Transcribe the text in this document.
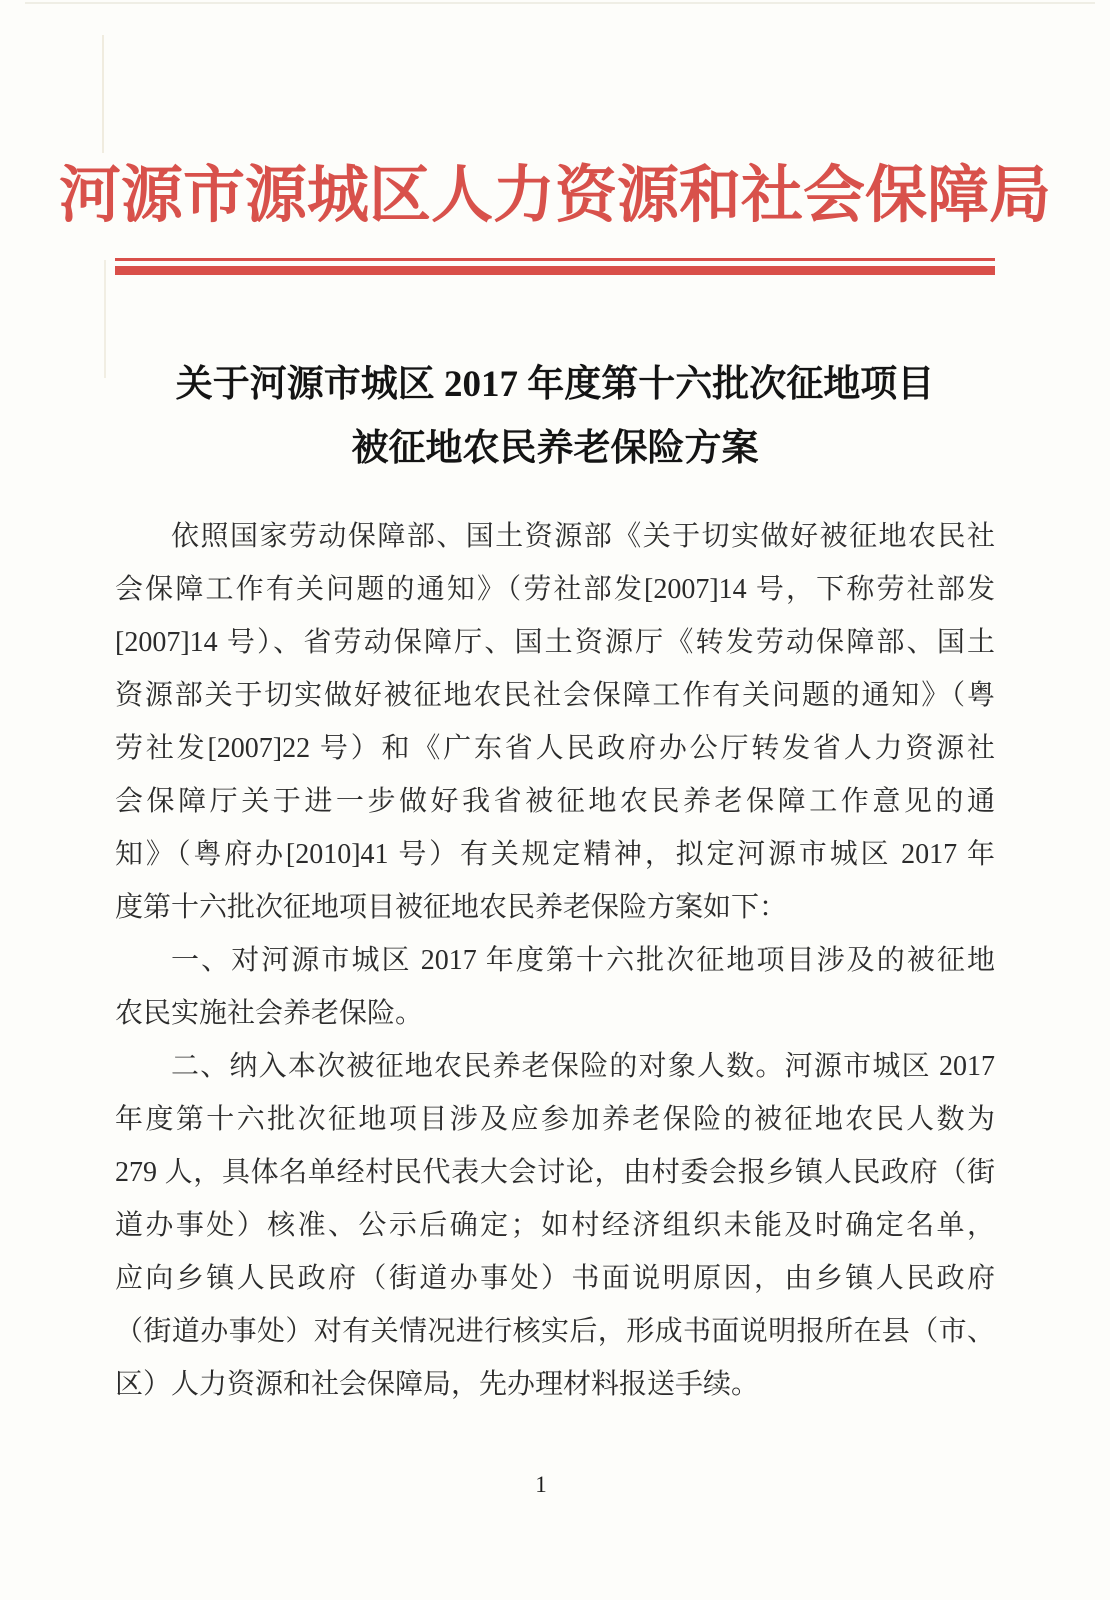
河源市源城区人力资源和社会保障局
关于河源市城区 2017 年度第十六批次征地项目
被征地农民养老保险方案
依照国家劳动保障部、国土资源部《关于切实做好被征地农民社
会保障工作有关问题的通知》（劳社部发[2007]14 号，下称劳社部发
[2007]14 号）、省劳动保障厅、国土资源厅《转发劳动保障部、国土
资源部关于切实做好被征地农民社会保障工作有关问题的通知》（粤
劳社发[2007]22 号）和《广东省人民政府办公厅转发省人力资源社
会保障厅关于进一步做好我省被征地农民养老保障工作意见的通
知》（粤府办[2010]41 号）有关规定精神，拟定河源市城区 2017 年
度第十六批次征地项目被征地农民养老保险方案如下：
一、对河源市城区 2017 年度第十六批次征地项目涉及的被征地
农民实施社会养老保险。
二、纳入本次被征地农民养老保险的对象人数。河源市城区 2017
年度第十六批次征地项目涉及应参加养老保险的被征地农民人数为
279 人，具体名单经村民代表大会讨论，由村委会报乡镇人民政府（街
道办事处）核准、公示后确定；如村经济组织未能及时确定名单，
应向乡镇人民政府（街道办事处）书面说明原因，由乡镇人民政府
（街道办事处）对有关情况进行核实后，形成书面说明报所在县（市、
区）人力资源和社会保障局，先办理材料报送手续。
1
